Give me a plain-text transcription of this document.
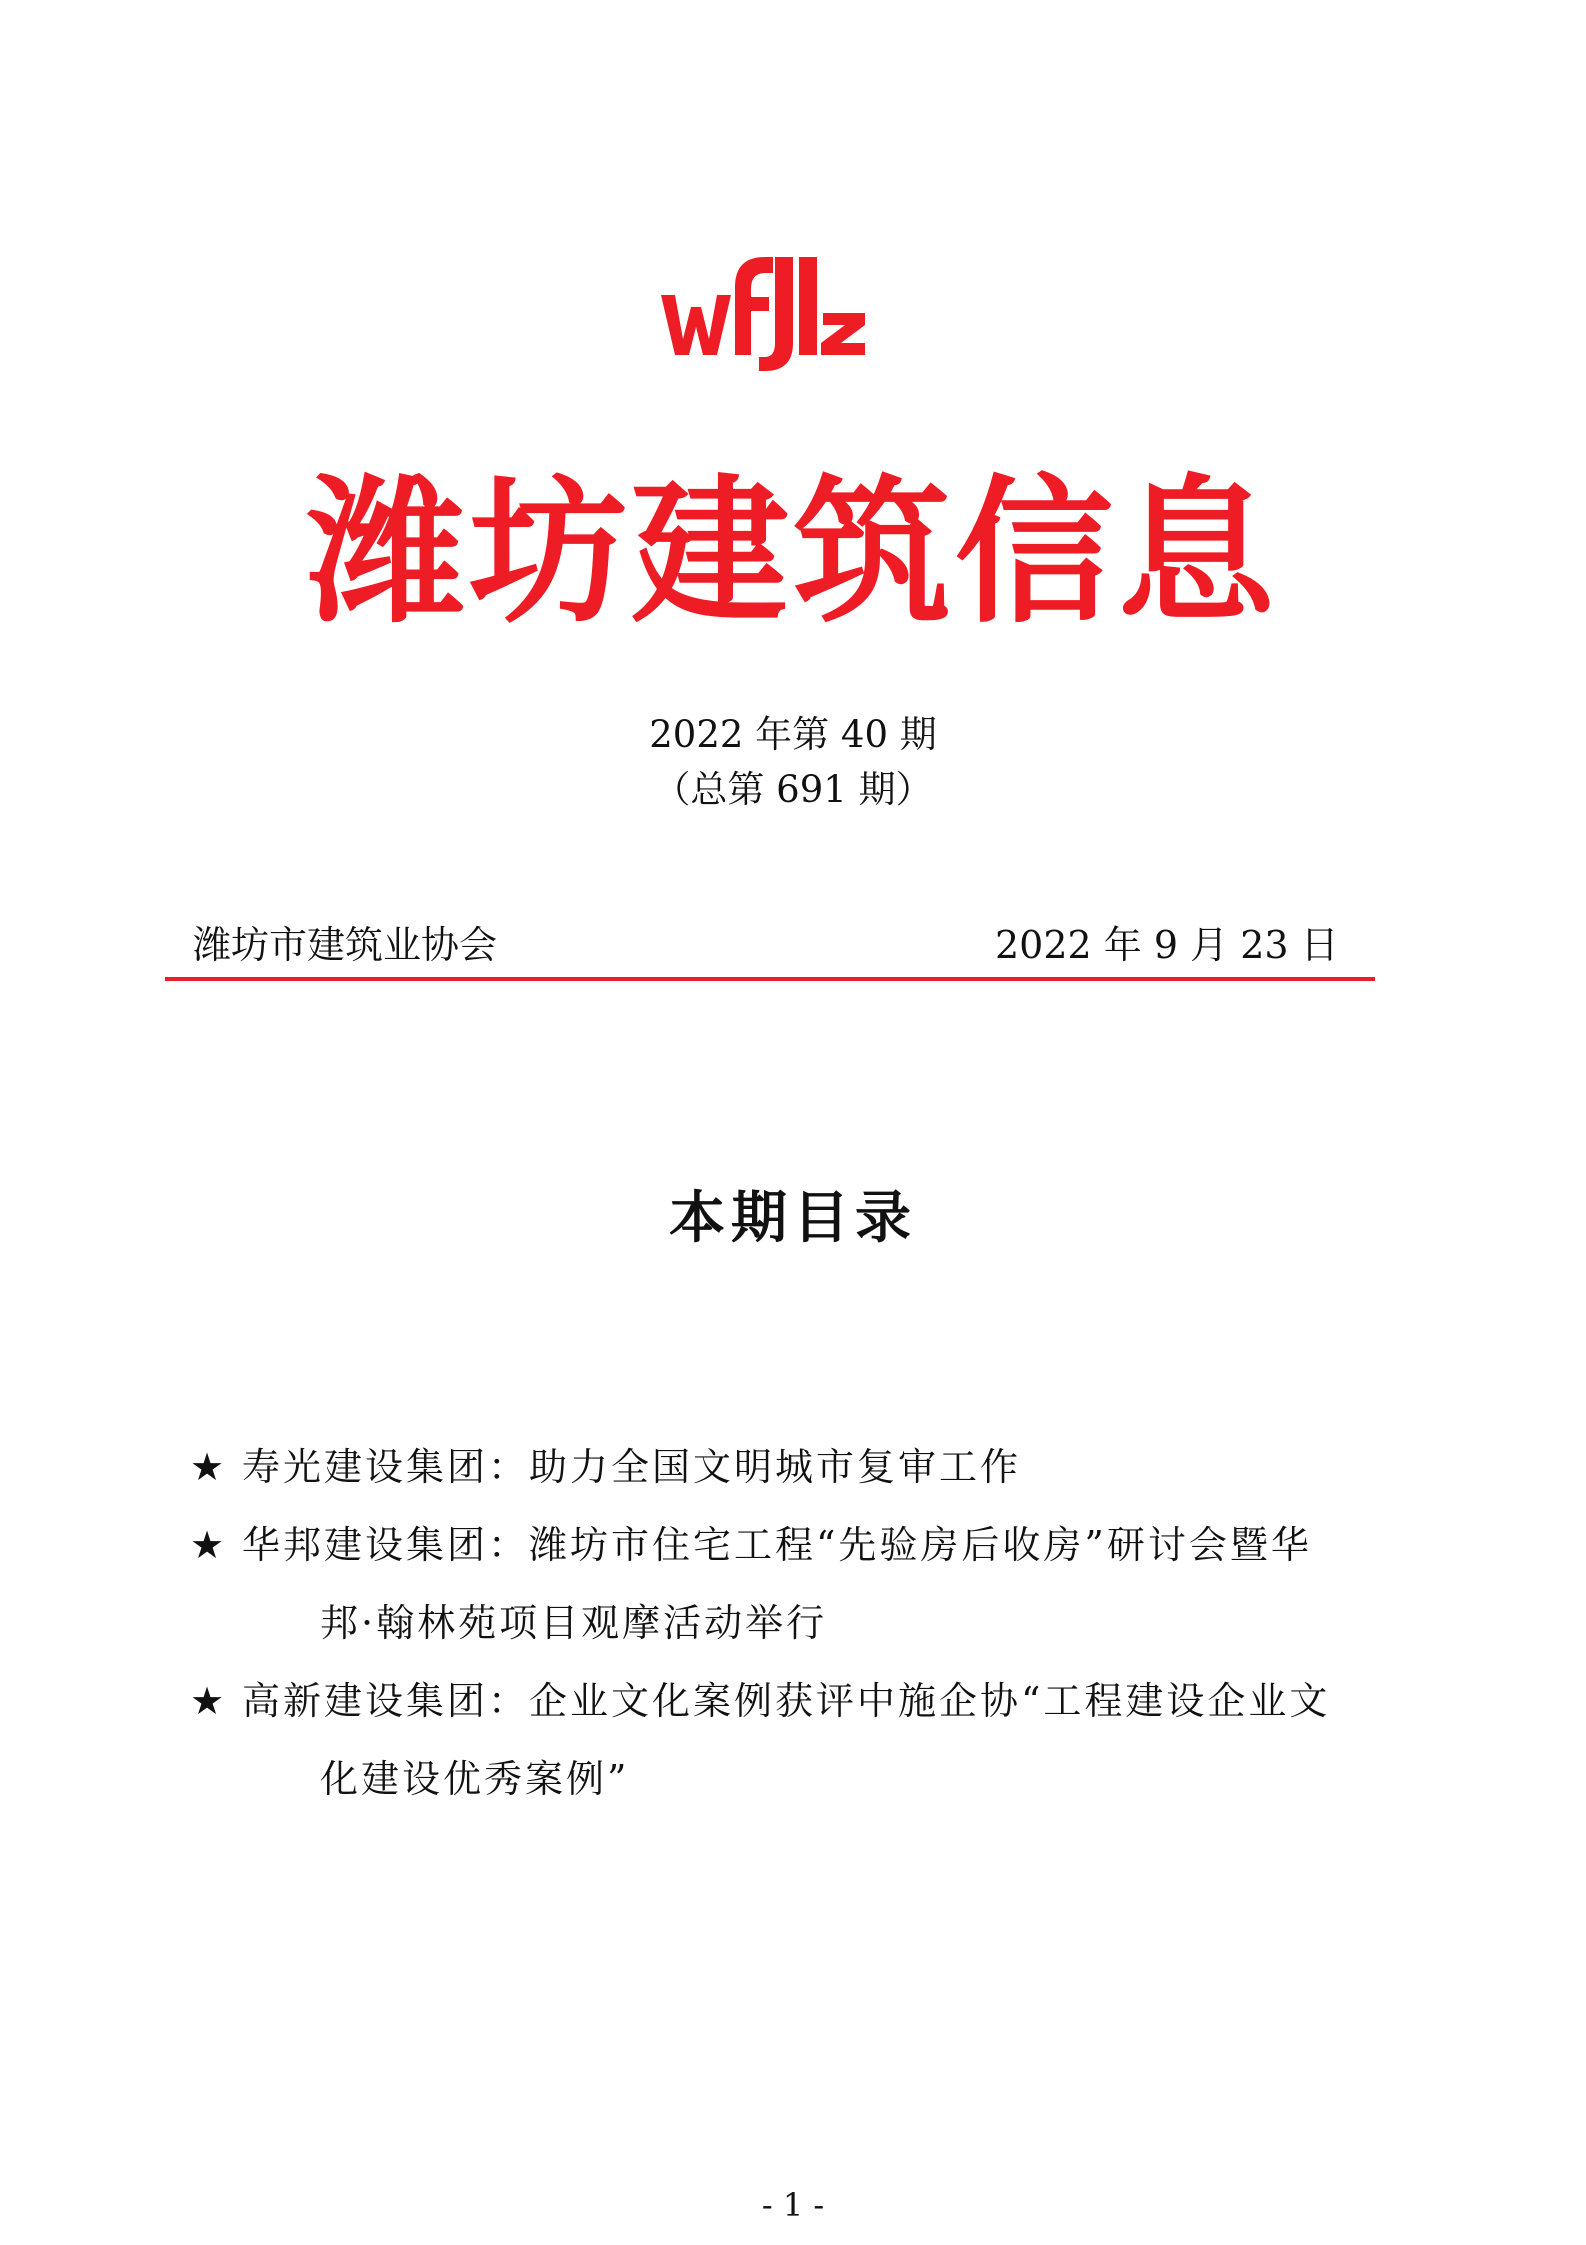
潍坊建筑信息
2022 年第 40 期
（总第 691 期）
潍坊市建筑业协会	2022 年 9 月 23 日
本期目录
★ 寿光建设集团：助力全国文明城市复审工作
★ 华邦建设集团：潍坊市住宅工程“先验房后收房”研讨会暨华
邦·翰林苑项目观摩活动举行
★ 高新建设集团：企业文化案例获评中施企协“工程建设企业文
化建设优秀案例”
- 1 -
